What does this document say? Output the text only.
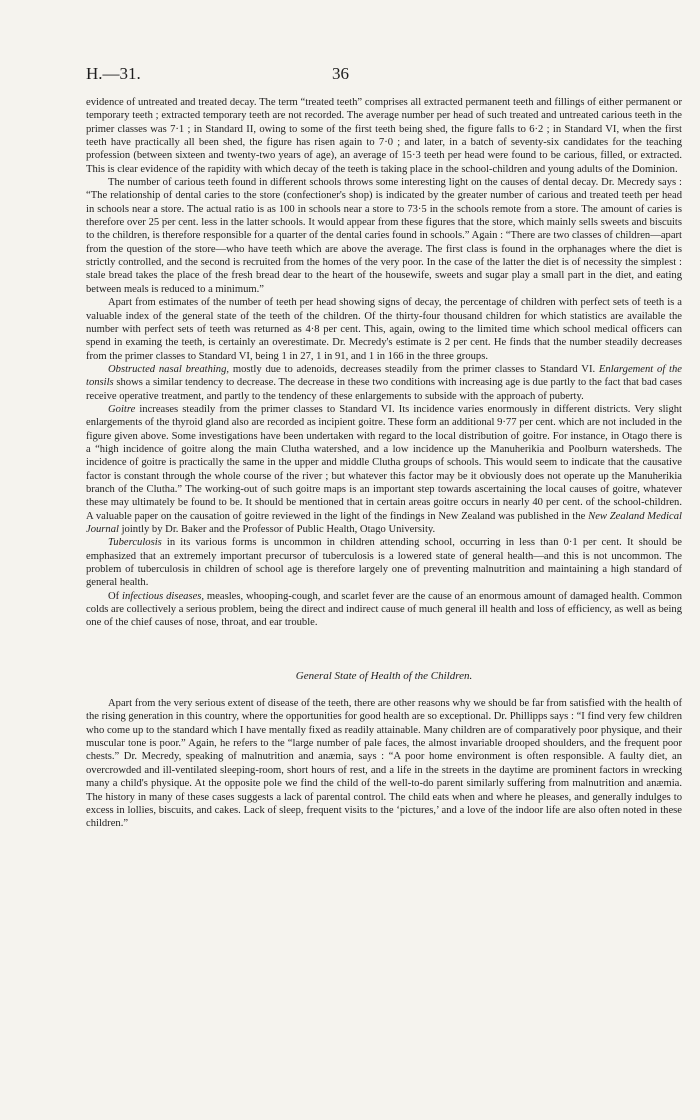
H.—31.	36

evidence of untreated and treated decay. The term “treated teeth” comprises all extracted permanent teeth and fillings of either permanent or temporary teeth ; extracted temporary teeth are not recorded. The average number per head of such treated and untreated carious teeth in the primer classes was 7·1 ; in Standard II, owing to some of the first teeth being shed, the figure falls to 6·2 ; in Standard VI, when the first teeth have practically all been shed, the figure has risen again to 7·0 ; and later, in a batch of seventy-six candidates for the teaching profession (between sixteen and twenty-two years of age), an average of 15·3 teeth per head were found to be carious, filled, or extracted. This is clear evidence of the rapidity with which decay of the teeth is taking place in the school-children and young adults of the Dominion.

The number of carious teeth found in different schools throws some interesting light on the causes of dental decay. Dr. Mecredy says : “The relationship of dental caries to the store (confectioner's shop) is indicated by the greater number of carious and treated teeth per head in schools near a store. The actual ratio is as 100 in schools near a store to 73·5 in the schools remote from a store. The amount of caries is therefore over 25 per cent. less in the latter schools. It would appear from these figures that the store, which mainly sells sweets and biscuits to the children, is therefore responsible for a quarter of the dental caries found in schools.” Again : “There are two classes of children—apart from the question of the store—who have teeth which are above the average. The first class is found in the orphanages where the diet is strictly controlled, and the second is recruited from the homes of the very poor. In the case of the latter the diet is of necessity the simplest : stale bread takes the place of the fresh bread dear to the heart of the housewife, sweets and sugar play a small part in the diet, and eating between meals is reduced to a minimum.”

Apart from estimates of the number of teeth per head showing signs of decay, the percentage of children with perfect sets of teeth is a valuable index of the general state of the teeth of the children. Of the thirty-four thousand children for which statistics are available the number with perfect sets of teeth was returned as 4·8 per cent. This, again, owing to the limited time which school medical officers can spend in examing the teeth, is certainly an overestimate. Dr. Mecredy's estimate is 2 per cent. He finds that the number steadily decreases from the primer classes to Standard VI, being 1 in 27, 1 in 91, and 1 in 166 in the three groups.

Obstructed nasal breathing, mostly due to adenoids, decreases steadily from the primer classes to Standard VI. Enlargement of the tonsils shows a similar tendency to decrease. The decrease in these two conditions with increasing age is due partly to the fact that bad cases receive operative treatment, and partly to the tendency of these enlargements to subside with the approach of puberty.

Goitre increases steadily from the primer classes to Standard VI. Its incidence varies enormously in different districts. Very slight enlargements of the thyroid gland also are recorded as incipient goitre. These form an additional 9·77 per cent. which are not included in the figure given above. Some investigations have been undertaken with regard to the local distribution of goitre. For instance, in Otago there is a “high incidence of goitre along the main Clutha watershed, and a low incidence up the Manuherikia and Poolburn watersheds. The incidence of goitre is practically the same in the upper and middle Clutha groups of schools. This would seem to indicate that the causative factor is constant through the whole course of the river ; but whatever this factor may be it obviously does not operate up the Manuherikia branch of the Clutha.” The working-out of such goitre maps is an important step towards ascertaining the local causes of goitre, whatever these may ultimately be found to be. It should be mentioned that in certain areas goitre occurs in nearly 40 per cent. of the school-children. A valuable paper on the causation of goitre reviewed in the light of the findings in New Zealand was published in the New Zealand Medical Journal jointly by Dr. Baker and the Professor of Public Health, Otago University.

Tuberculosis in its various forms is uncommon in children attending school, occurring in less than 0·1 per cent. It should be emphasized that an extremely important precursor of tuberculosis is a lowered state of general health—and this is not uncommon. The problem of tuberculosis in children of school age is therefore largely one of preventing malnutrition and maintaining a high standard of general health.

Of infectious diseases, measles, whooping-cough, and scarlet fever are the cause of an enormous amount of damaged health. Common colds are collectively a serious problem, being the direct and indirect cause of much general ill health and loss of efficiency, as well as being one of the chief causes of nose, throat, and ear trouble.

General State of Health of the Children.

Apart from the very serious extent of disease of the teeth, there are other reasons why we should be far from satisfied with the health of the rising generation in this country, where the opportunities for good health are so exceptional. Dr. Phillipps says : “I find very few children who come up to the standard which I have mentally fixed as readily attainable. Many children are of comparatively poor physique, and their muscular tone is poor.” Again, he refers to the “large number of pale faces, the almost invariable drooped shoulders, and the frequent poor chests.” Dr. Mecredy, speaking of malnutrition and anæmia, says : “A poor home environment is often responsible. A faulty diet, an overcrowded and ill-ventilated sleeping-room, short hours of rest, and a life in the streets in the daytime are prominent factors in wrecking many a child's physique. At the opposite pole we find the child of the well-to-do parent similarly suffering from malnutrition and anæmia. The history in many of these cases suggests a lack of parental control. The child eats when and where he pleases, and generally indulges to excess in lollies, biscuits, and cakes. Lack of sleep, frequent visits to the ‘pictures,’ and a love of the indoor life are also often noted in these children.”
